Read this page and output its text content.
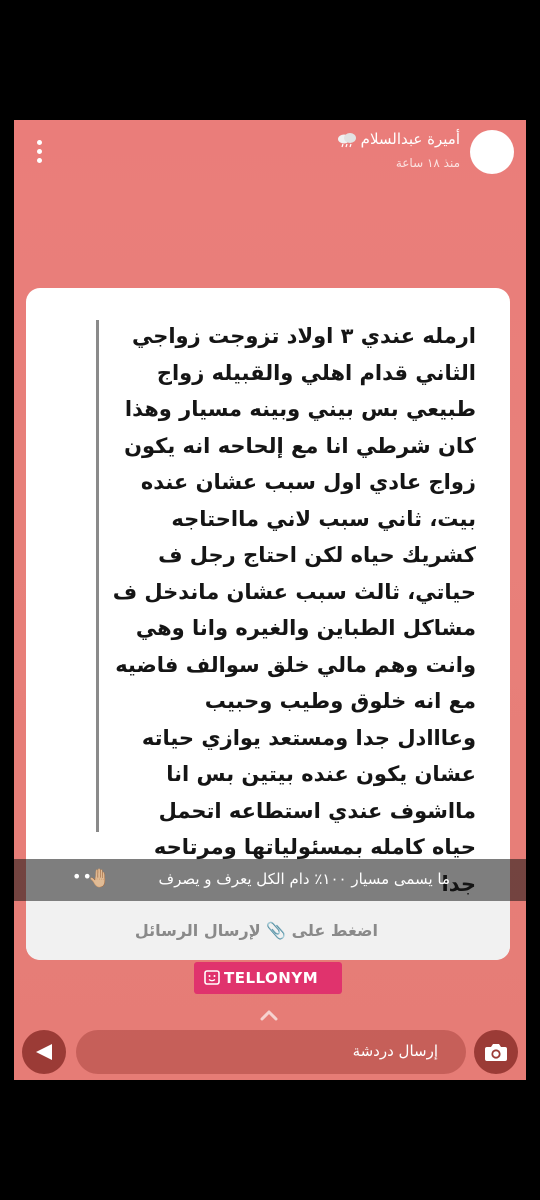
أميرة عبدالسلام
منذ ١٨ ساعة
ارمله عندي ٣ اولاد تزوجت زواجي
الثاني قدام اهلي والقبيله زواج
طبيعي بس بيني وبينه مسيار وهذا
كان شرطي انا مع إلحاحه انه يكون
زواج عادي اول سبب عشان عنده
بيت، ثاني سبب لاني مااحتاجه
كشريك حياه لكن احتاج رجل ف
حياتي، ثالث سبب عشان ماندخل ف
مشاكل الطباين والغيره وانا وهي
وانت وهم مالي خلق سوالف فاضيه
مع انه خلوق وطيب وحبيب
وعااادل جدا ومستعد يوازي حياته
عشان يكون عنده بيتين بس انا
مااشوف عندي استطاعه اتحمل
حياه كامله بمسئولياتها ومرتاحه
ما يسمى مسيار ١٠٠٪ دام الكل يعرف و يصرف
🤚🏼
••
اضغط على 📎 لإرسال الرسائل
TELLONYM
إرسال دردشة
